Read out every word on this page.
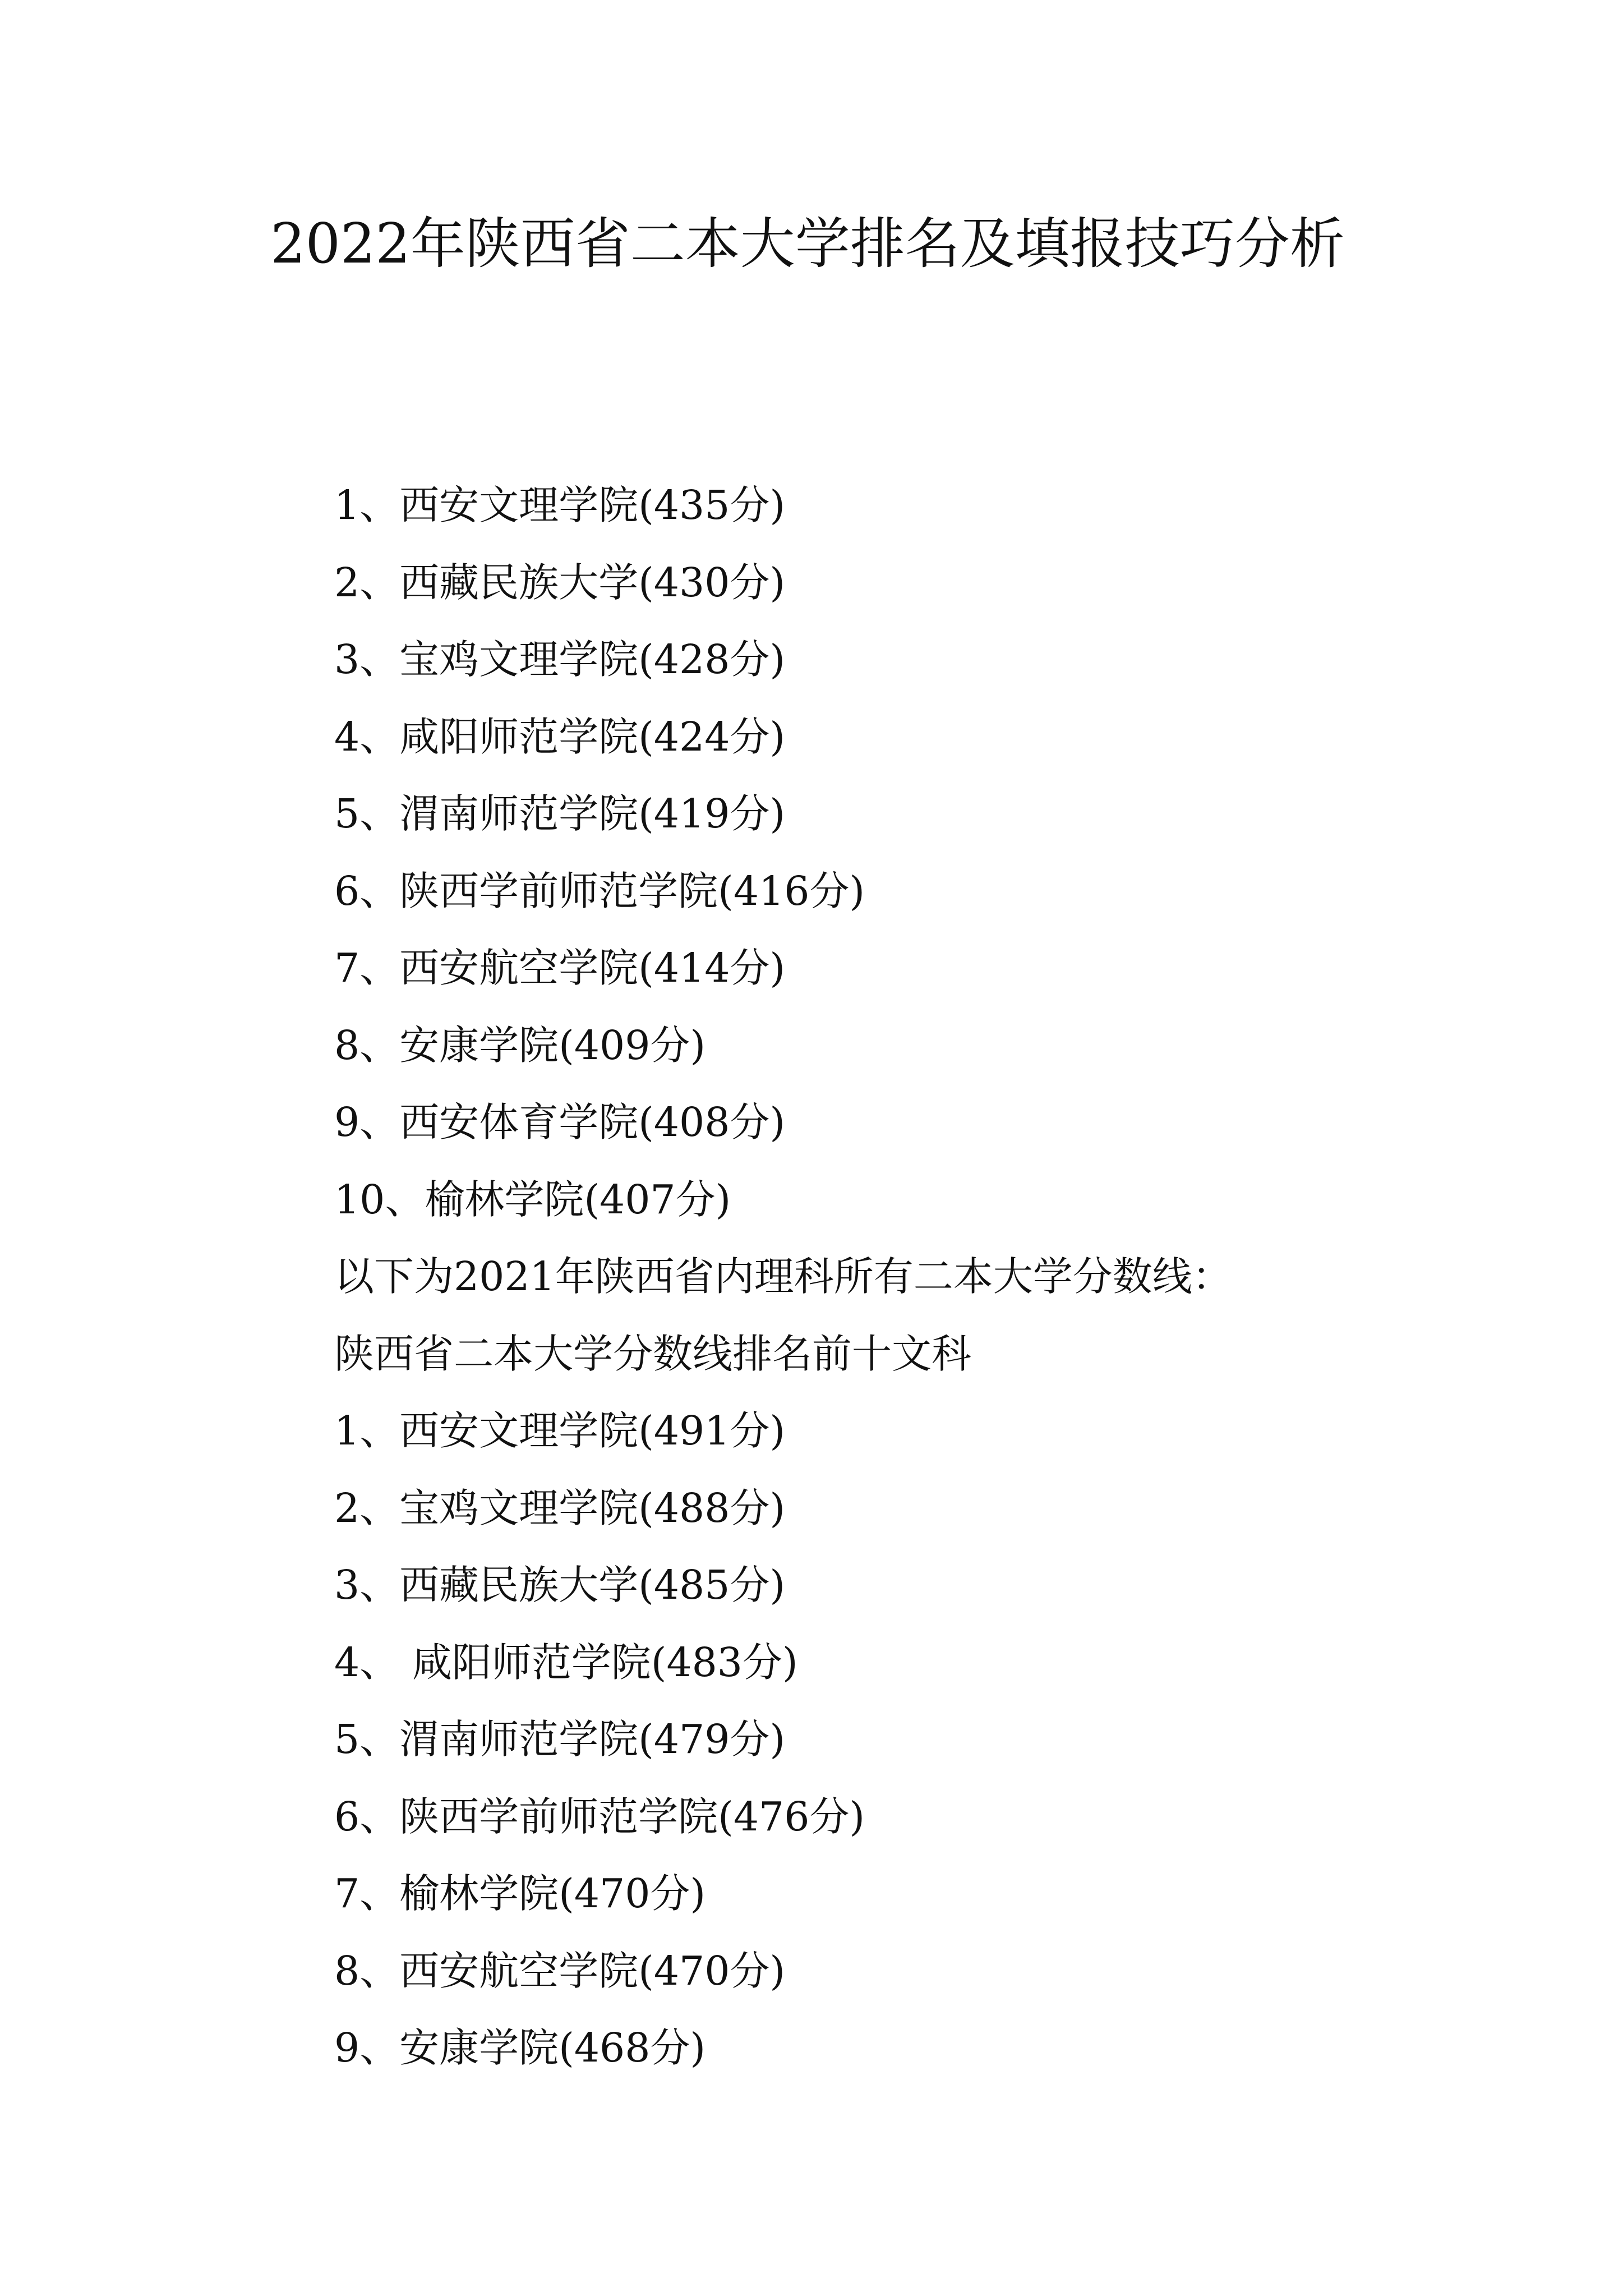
2022年陕西省二本大学排名及填报技巧分析
1、西安文理学院(435分)
2、西藏民族大学(430分)
3、宝鸡文理学院(428分)
4、咸阳师范学院(424分)
5、渭南师范学院(419分)
6、陕西学前师范学院(416分)
7、西安航空学院(414分)
8、安康学院(409分)
9、西安体育学院(408分)
10、榆林学院(407分)
以下为2021年陕西省内理科所有二本大学分数线：
陕西省二本大学分数线排名前十文科
1、西安文理学院(491分)
2、宝鸡文理学院(488分)
3、西藏民族大学(485分)
4、 咸阳师范学院(483分)
5、渭南师范学院(479分)
6、陕西学前师范学院(476分)
7、榆林学院(470分)
8、西安航空学院(470分)
9、安康学院(468分)
